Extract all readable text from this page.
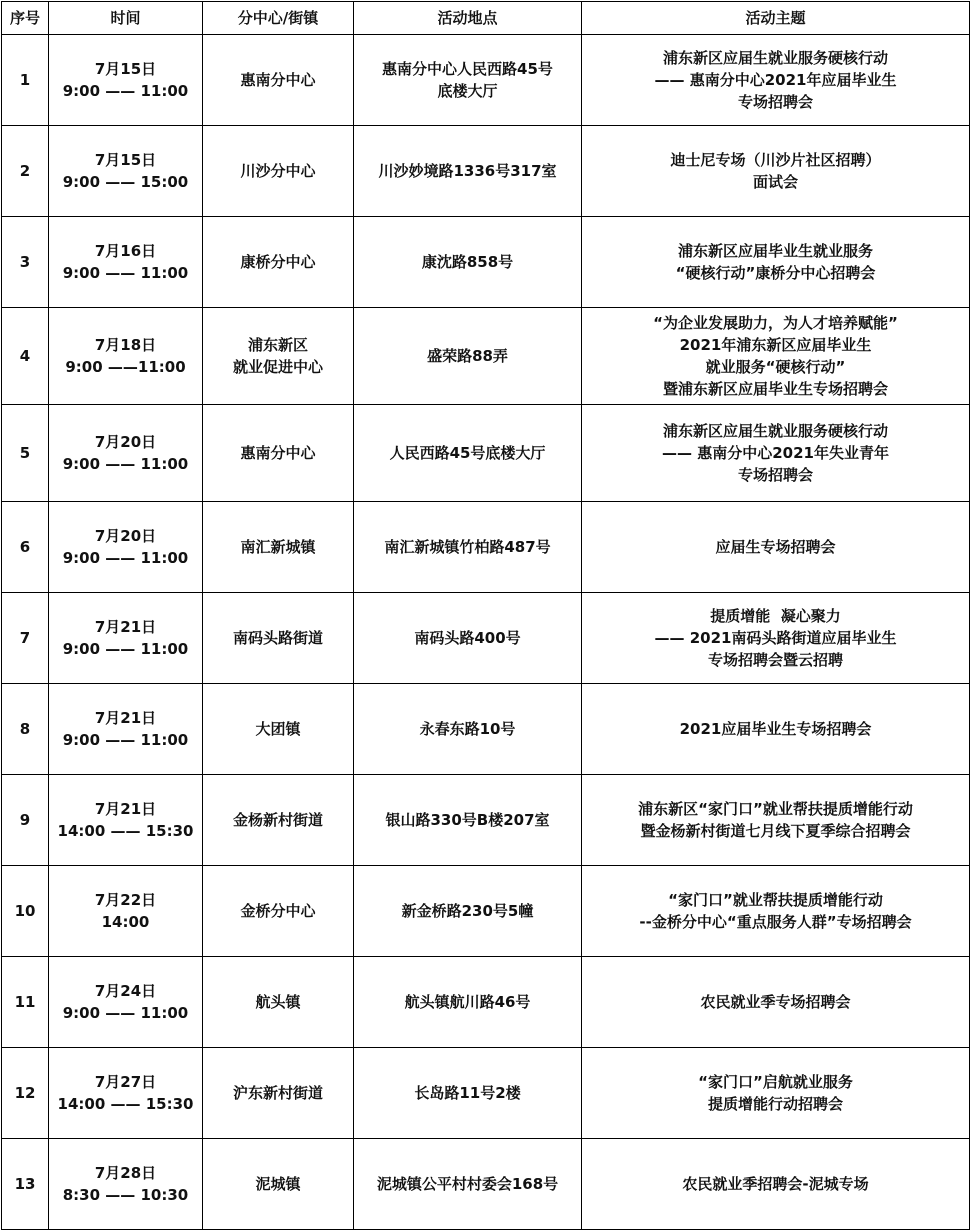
序号	时间	分中心/街镇	活动地点	活动主题
1	7月15日
9:00 —— 11:00	惠南分中心	惠南分中心人民西路45号
底楼大厅	浦东新区应届生就业服务硬核行动
—— 惠南分中心2021年应届毕业生
专场招聘会

2	7月15日
9:00 —— 15:00	川沙分中心	川沙妙境路1336号317室	迪士尼专场（川沙片社区招聘）
面试会

3	7月16日
9:00 —— 11:00	康桥分中心	康沈路858号	浦东新区应届毕业生就业服务
“硬核行动”康桥分中心招聘会

4	7月18日
9:00 ——11:00	浦东新区
就业促进中心	盛荣路88弄	“为企业发展助力，为人才培养赋能”
2021年浦东新区应届毕业生
就业服务“硬核行动”
暨浦东新区应届毕业生专场招聘会

5	7月20日
9:00 —— 11:00	惠南分中心	人民西路45号底楼大厅	浦东新区应届生就业服务硬核行动
—— 惠南分中心2021年失业青年
专场招聘会

6	7月20日
9:00 —— 11:00	南汇新城镇	南汇新城镇竹柏路487号	应届生专场招聘会

7	7月21日
9:00 —— 11:00	南码头路街道	南码头路400号	提质增能  凝心聚力
—— 2021南码头路街道应届毕业生
专场招聘会暨云招聘

8	7月21日
9:00 —— 11:00	大团镇	永春东路10号	2021应届毕业生专场招聘会

9	7月21日
14:00 —— 15:30	金杨新村街道	银山路330号B楼207室	浦东新区“家门口”就业帮扶提质增能行动
暨金杨新村街道七月线下夏季综合招聘会

10	7月22日
14:00	金桥分中心	新金桥路230号5幢	“家门口”就业帮扶提质增能行动
--金桥分中心“重点服务人群”专场招聘会

11	7月24日
9:00 —— 11:00	航头镇	航头镇航川路46号	农民就业季专场招聘会

12	7月27日
14:00 —— 15:30	沪东新村街道	长岛路11号2楼	“家门口”启航就业服务
提质增能行动招聘会

13	7月28日
8:30 —— 10:30	泥城镇	泥城镇公平村村委会168号	农民就业季招聘会-泥城专场
